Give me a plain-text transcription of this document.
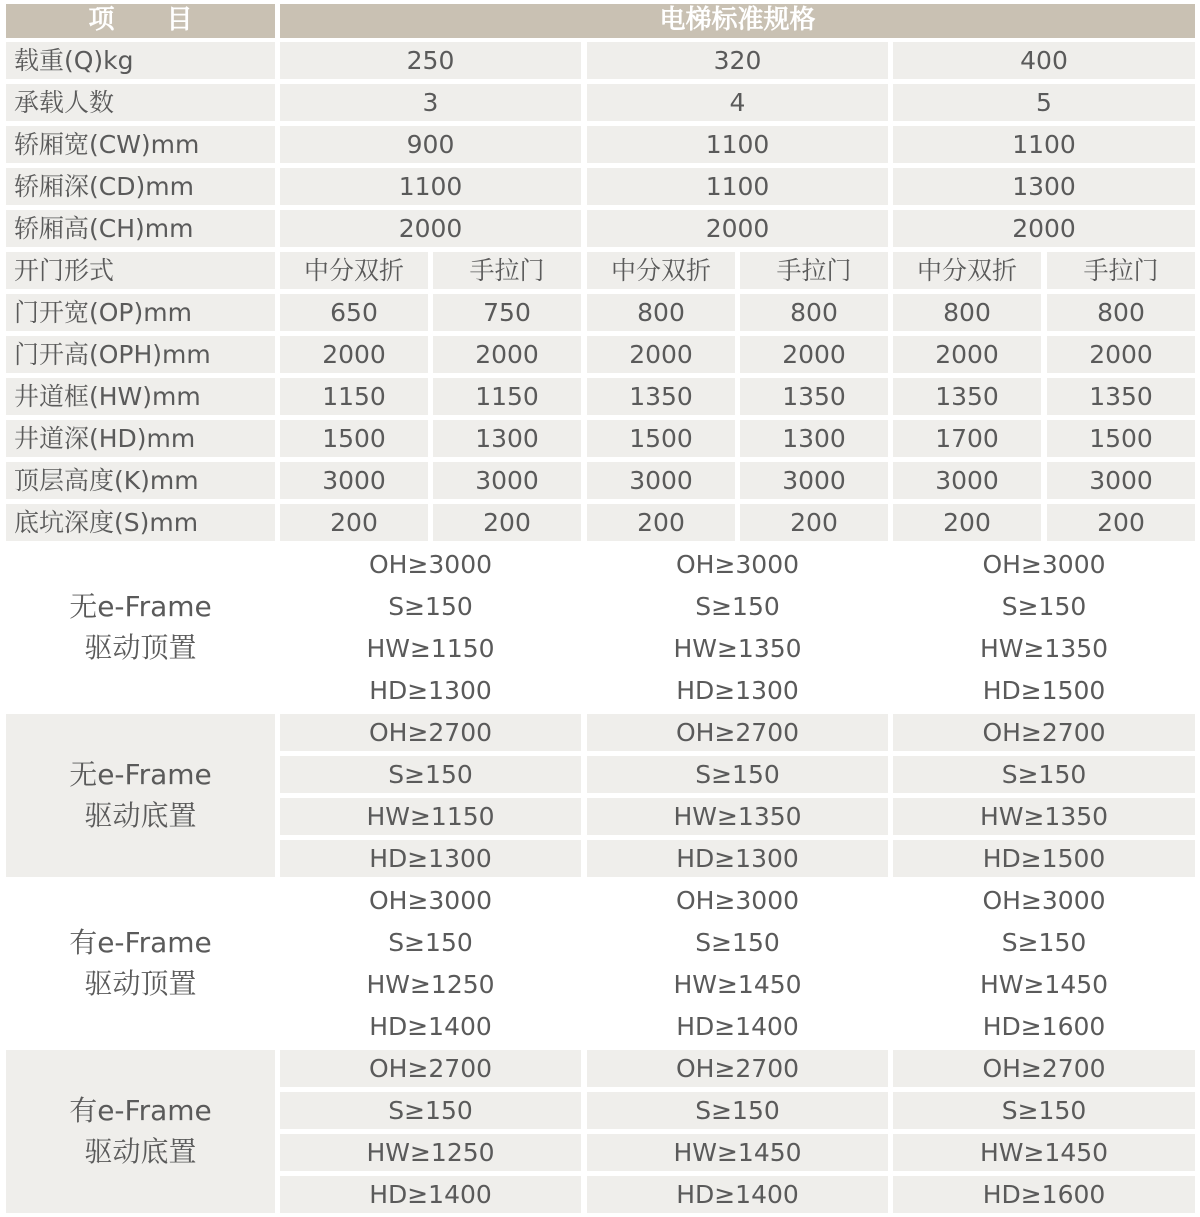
项　　目	电梯标准规格
载重(Q)kg	250	320	400
承载人数	3	4	5
轿厢宽(CW)mm	900	1100	1100
轿厢深(CD)mm	1100	1100	1300
轿厢高(CH)mm	2000	2000	2000
开门形式	中分双折	手拉门	中分双折	手拉门	中分双折	手拉门
门开宽(OP)mm	650	750	800	800	800	800
门开高(OPH)mm	2000	2000	2000	2000	2000	2000
井道框(HW)mm	1150	1150	1350	1350	1350	1350
井道深(HD)mm	1500	1300	1500	1300	1700	1500
顶层高度(K)mm	3000	3000	3000	3000	3000	3000
底坑深度(S)mm	200	200	200	200	200	200
无e-Frame
驱动顶置
OH≥3000	OH≥3000	OH≥3000
S≥150	S≥150	S≥150
HW≥1150	HW≥1350	HW≥1350
HD≥1300	HD≥1300	HD≥1500
无e-Frame
驱动底置
OH≥2700	OH≥2700	OH≥2700
S≥150	S≥150	S≥150
HW≥1150	HW≥1350	HW≥1350
HD≥1300	HD≥1300	HD≥1500
有e-Frame
驱动顶置
OH≥3000	OH≥3000	OH≥3000
S≥150	S≥150	S≥150
HW≥1250	HW≥1450	HW≥1450
HD≥1400	HD≥1400	HD≥1600
有e-Frame
驱动底置
OH≥2700	OH≥2700	OH≥2700
S≥150	S≥150	S≥150
HW≥1250	HW≥1450	HW≥1450
HD≥1400	HD≥1400	HD≥1600
